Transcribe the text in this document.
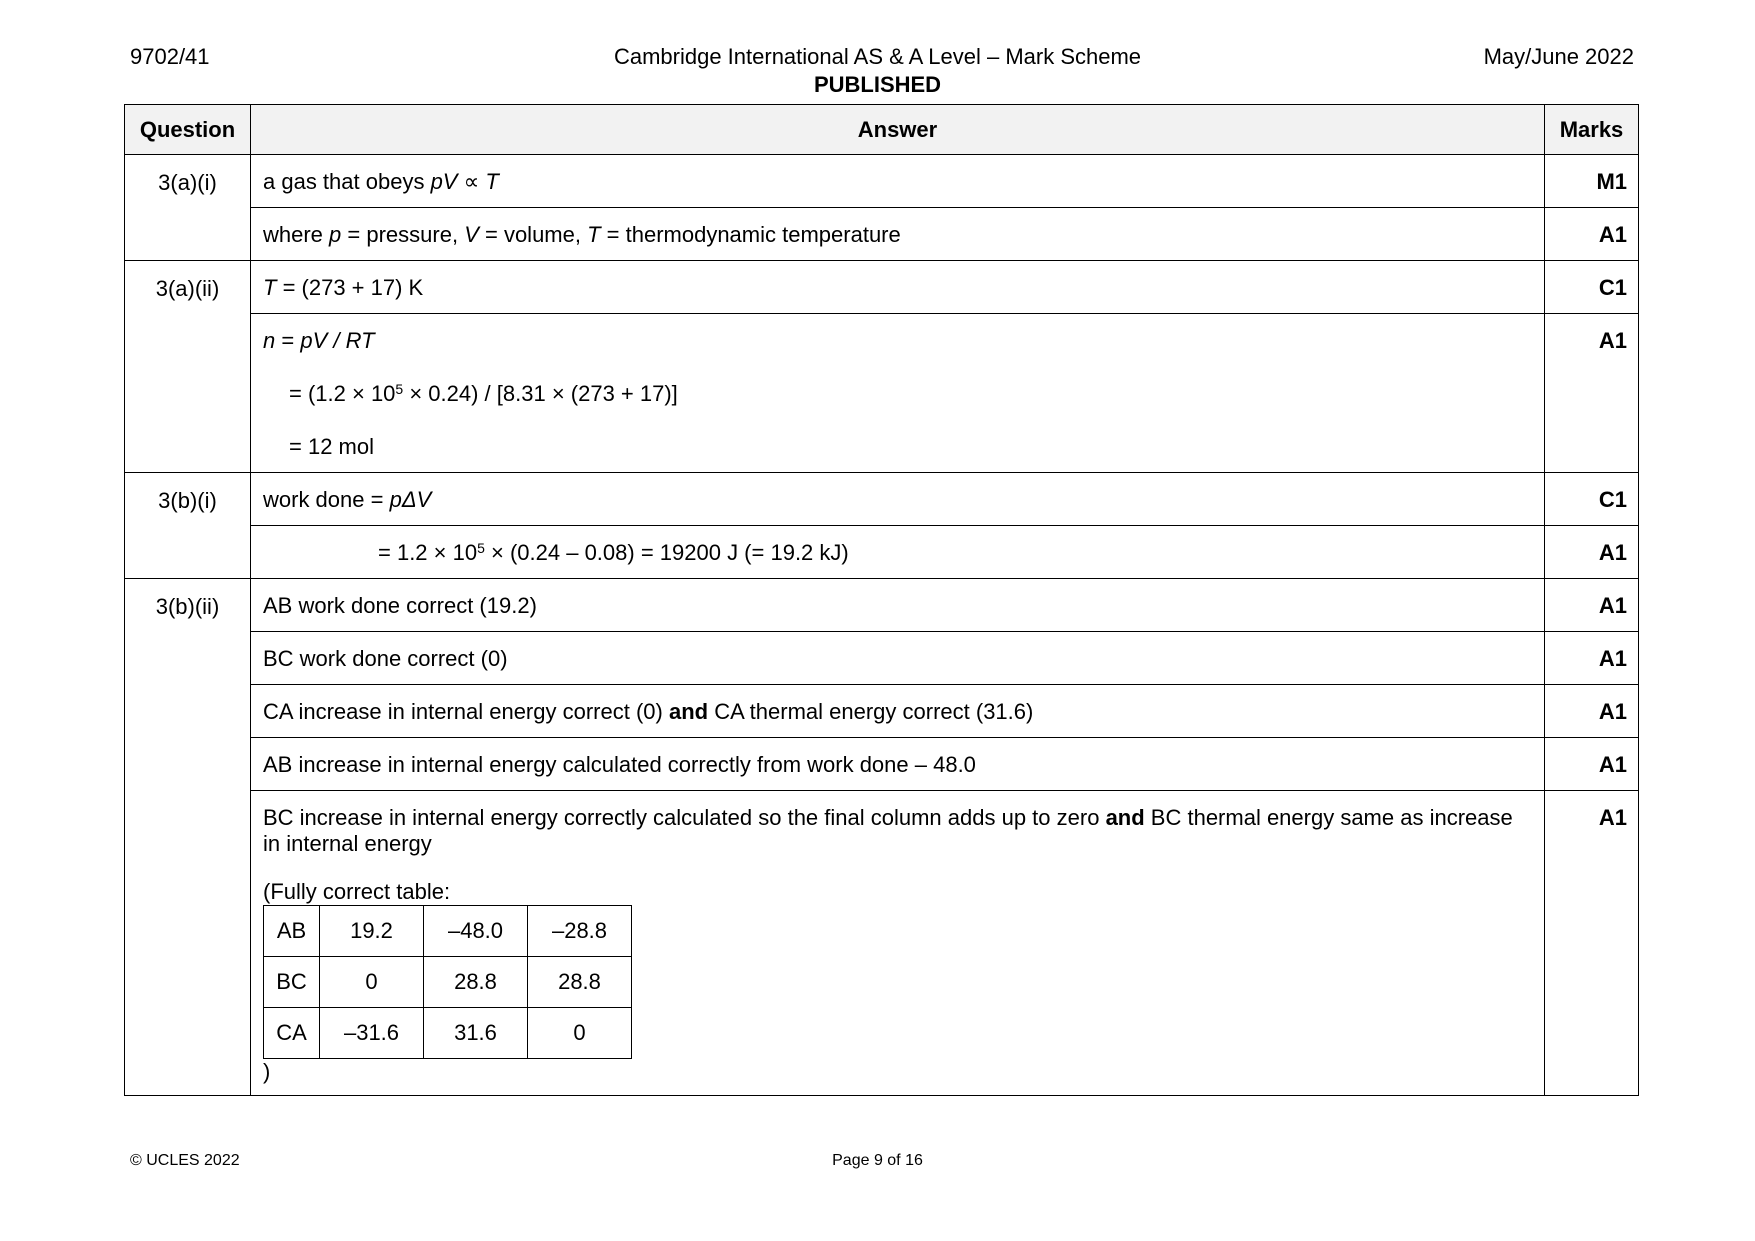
9702/41	Cambridge International AS & A Level – Mark Scheme
PUBLISHED
May/June 2022
Question	Answer	Marks
3(a)(i)	a gas that obeys pV ∝ T	M1
where p = pressure, V = volume, T = thermodynamic temperature	A1
3(a)(ii)	T = (273 + 17) K	C1

n = pV / RT
= $(1.2 \times 10^5 \times 0.24) / [8.31 \times (273 + 17)]$
= 12 mol
	A1
3(b)(i)	work done = pΔV	C1

= $1.2 \times 10^5 \times (0.24 - 0.08) = 19200$ J (= 19.2 kJ)	A1
3(b)(ii)	AB work done correct (19.2)	A1
BC work done correct (0)	A1
CA increase in internal energy correct (0) and CA thermal energy correct (31.6)	A1
AB increase in internal energy calculated correctly from work done – 48.0	A1

BC increase in internal energy correctly calculated so the final column adds up to zero and BC thermal energy same as increase in internal energy
(Fully correct table:
AB	19.2	–48.0	–28.8
BC	0	28.8	28.8
CA	–31.6	31.6	0
)
	A1
© UCLES 2022	Page 9 of 16
